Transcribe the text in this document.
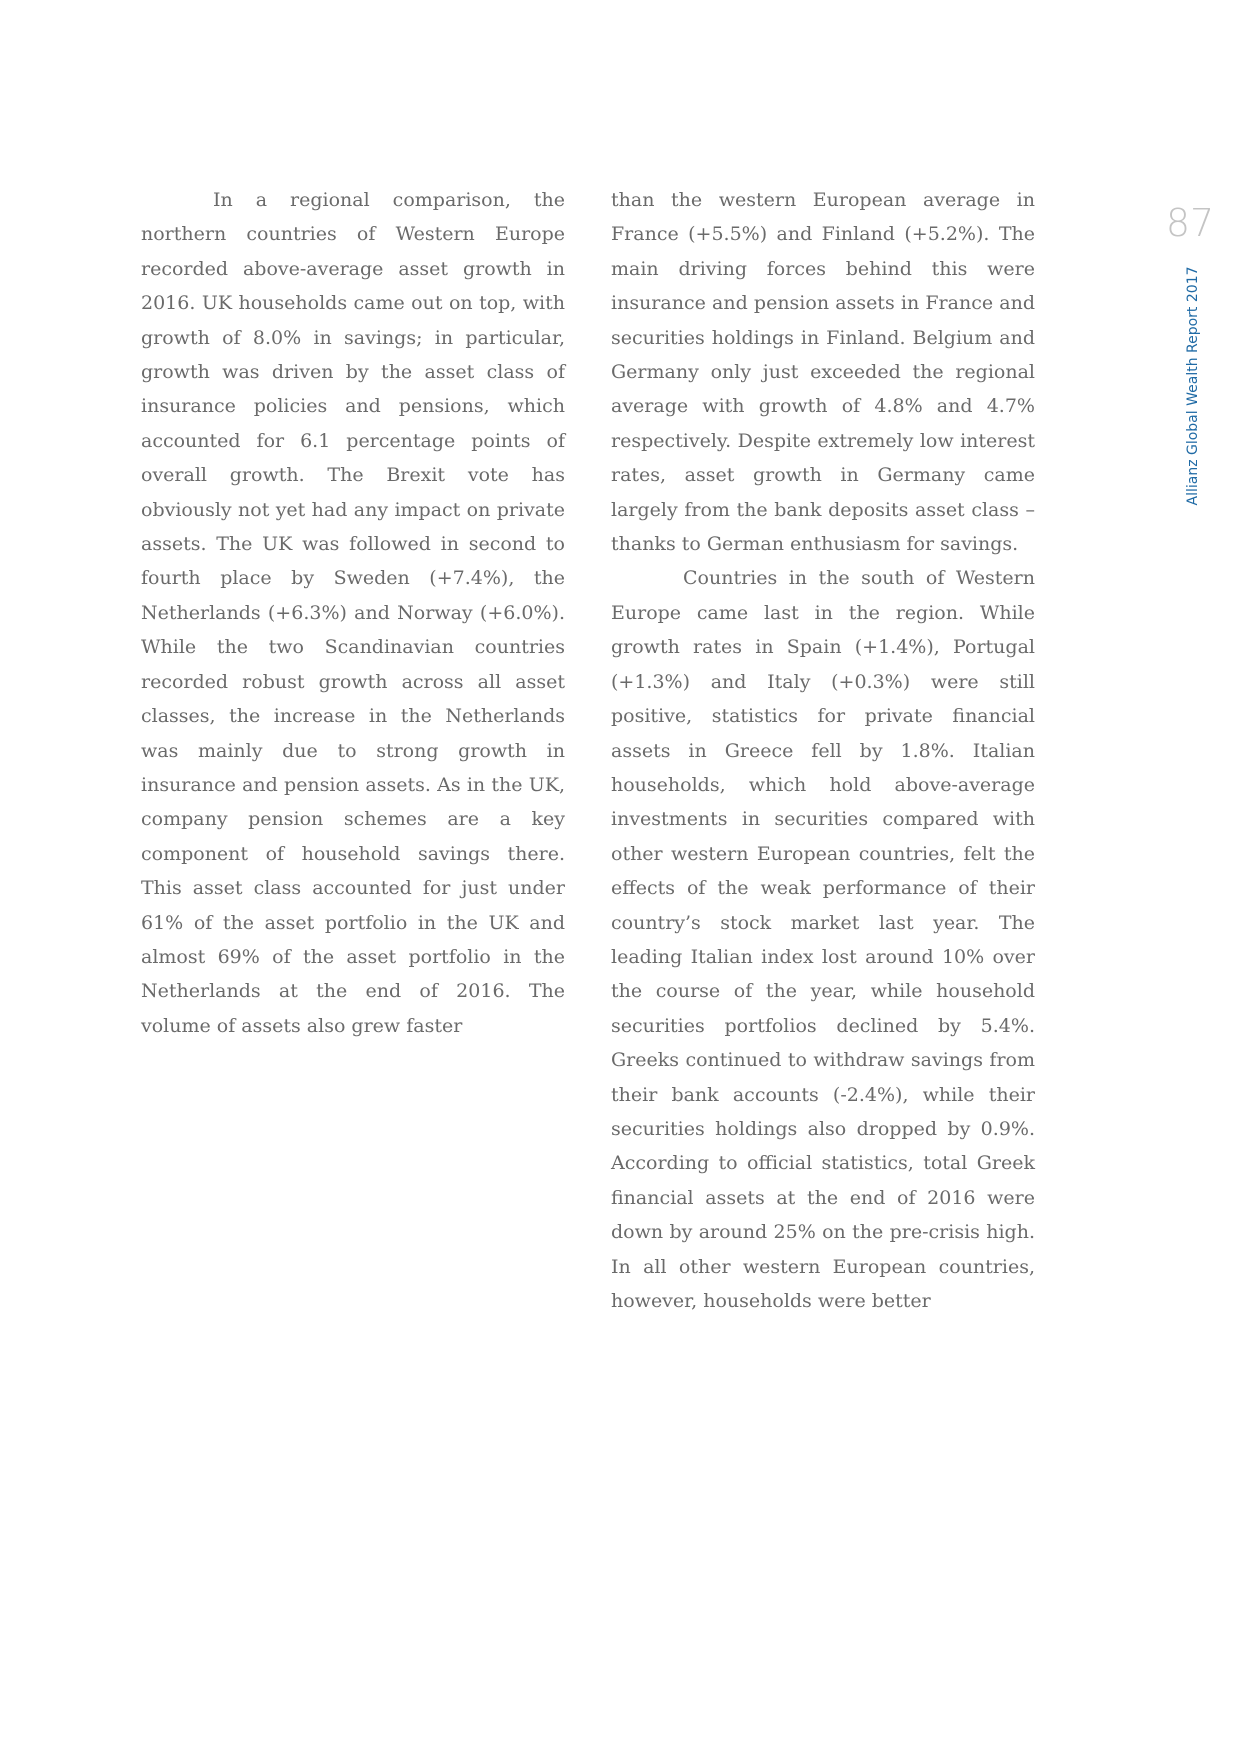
In a regional comparison, the northern countries of Western Europe recorded above-average asset growth in 2016. UK households came out on top, with growth of 8.0% in savings; in particular, growth was driven by the asset class of insurance policies and pensions, which accounted for 6.1 percentage points of overall growth. The Brexit vote has obviously not yet had any impact on private assets. The UK was followed in second to fourth place by Sweden (+7.4%), the Netherlands (+6.3%) and Norway (+6.0%). While the two Scandinavian countries recorded robust growth across all asset classes, the increase in the Netherlands was mainly due to strong growth in insurance and pension assets. As in the UK, company pension schemes are a key component of household savings there. This asset class accounted for just under 61% of the asset portfolio in the UK and almost 69% of the asset portfolio in the Netherlands at the end of 2016. The volume of assets also grew faster

than the western European average in France (+5.5%) and Finland (+5.2%). The main driving forces behind this were insurance and pension assets in France and securities holdings in Finland. Belgium and Germany only just exceeded the regional average with growth of 4.8% and 4.7% respectively. Despite extremely low interest rates, asset growth in Germany came largely from the bank deposits asset class – thanks to German enthusiasm for savings.

Countries in the south of Western Europe came last in the region. While growth rates in Spain (+1.4%), Portugal (+1.3%) and Italy (+0.3%) were still positive, statistics for private financial assets in Greece fell by 1.8%. Italian households, which hold above-average investments in securities compared with other western European countries, felt the effects of the weak performance of their country’s stock market last year. The leading Italian index lost around 10% over the course of the year, while household securities portfolios declined by 5.4%. Greeks continued to withdraw savings from their bank accounts (-2.4%), while their securities holdings also dropped by 0.9%. According to official statistics, total Greek financial assets at the end of 2016 were down by around 25% on the pre-crisis high. In all other western European countries, however, households were better

87
Allianz Global Wealth Report 2017
